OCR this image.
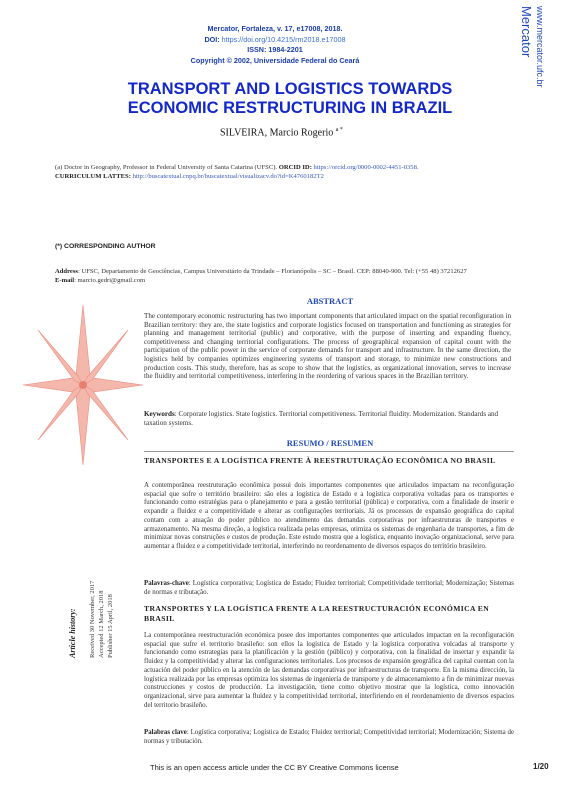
Mercator, Fortaleza, v. 17, e17008, 2018.
DOI: https://doi.org/10.4215/rm2018.e17008
ISSN: 1984-2201
Copyright © 2002, Universidade Federal do Ceará
Mercator www.mercator.ufc.br
TRANSPORT AND LOGISTICS TOWARDS
ECONOMIC RESTRUCTURING IN BRAZIL
SILVEIRA, Marcio Rogerio $^{a *}$
(a) Doctor in Geography, Professor in Federal University of Santa Catarina (UFSC). ORCID ID: https://orcid.org/0000-0002-4451-0358.
CURRICULUM LATTES: http://buscatextual.cnpq.br/buscatextual/visualizacv.do?id=K4760182T2
(*) CORRESPONDING AUTHOR
Address: UFSC, Departamento de Geociências, Campus Universitário da Trindade – Florianópolis – SC – Brasil. CEP: 88040-900. Tel: (+55 48) 37212627
E-mail: marcio.gedri@gmail.com
ABSTRACT
The contemporary economic restructuring has two important components that articulated impact on the spatial reconfiguration in Brazilian territory: they are, the state logistics and corporate logistics focused on transportation and functioning as strategies for planning and management territorial (public) and corporative, with the purpose of inserting and expanding fluency, competitiveness and changing territorial configurations. The process of geographical expansion of capital count with the participation of the public power in the service of corporate demands for transport and infrastructure. In the same direction, the logistics held by companies optimizes engineering systems of transport and storage, to minimize new constructions and production costs. This study, therefore, has as scope to show that the logistics, as organizational innovation, serves to increase the fluidity and territorial competitiveness, interfering in the reordering of various spaces in the Brazilian territory.
Keywords: Corporate logistics. State logistics. Territorial competitiveness. Territorial fluidity. Modernization. Standards and taxation systems.
RESUMO / RESUMEN
TRANSPORTES E A LOGÍSTICA FRENTE À REESTRUTURAÇÃO ECONÔMICA NO BRASIL
A contemporânea reestruturação econômica possui dois importantes componentes que articulados impactam na reconfiguração espacial que sofre o território brasileiro: são eles a logística de Estado e a logística corporativa voltadas para os transportes e funcionando como estratégias para o planejamento e para a gestão territorial (pública) e corporativa, com a finalidade de inserir e expandir a fluidez e a competitividade e alterar as configurações territoriais. Já os processos de expansão geográfica do capital contam com a atuação do poder público no atendimento das demandas corporativas por infraestruturas de transportes e armazenamento. Na mesma direção, a logística realizada pelas empresas, otimiza os sistemas de engenharia de transportes, a fim de minimizar novas construções e custos de produção. Este estudo mostra que a logística, enquanto inovação organizacional, serve para aumentar a fluidez e a competitividade territorial, interferindo no reordenamento de diversos espaços do território brasileiro.
Palavras-chave: Logística corporativa; Logística de Estado; Fluidez territorial; Competitividade territorial; Modernização; Sistemas de normas e tributação.
TRANSPORTES Y LA LOGÍSTICA FRENTE A LA REESTRUCTURACIÓN ECONÓMICA EN BRASIL
La contemporánea reestructuración económica posee dos importantes componentes que articulados impactan en la reconfiguración espacial que sufre el territorio brasileño: son ellos la logística de Estado y la logística corporativa volcadas al transporte y funcionando como estrategias para la planificación y la gestión (público) y corporativa, con la finalidad de insertar y expandir la fluidez y la competitividad y alterar las configuraciones territoriales. Los procesos de expansión geográfica del capital cuentan con la actuación del poder público en la atención de las demandas corporativas por infraestructuras de transporte. En la misma dirección, la logística realizada por las empresas optimiza los sistemas de ingeniería de transporte y de almacenamiento a fin de minimizar nuevas construcciones y costos de producción. La investigación, tiene como objetivo mostrar que la logística, como innovación organizacional, sirve para aumentar la fluidez y la competitividad territorial, interfiriendo en el reordenamiento de diversos espacios del territorio brasileño.
Palabras clave: Logística corporativa; Logística de Estado; Fluidez territorial; Competitividad territorial; Modernización; Sistema de normas y tributación.
Article history: Received 30 November, 2017 Accepted 12 March, 2018 Publisher 15 April, 2018
This is an open access article under the CC BY Creative Commons license	1/20
